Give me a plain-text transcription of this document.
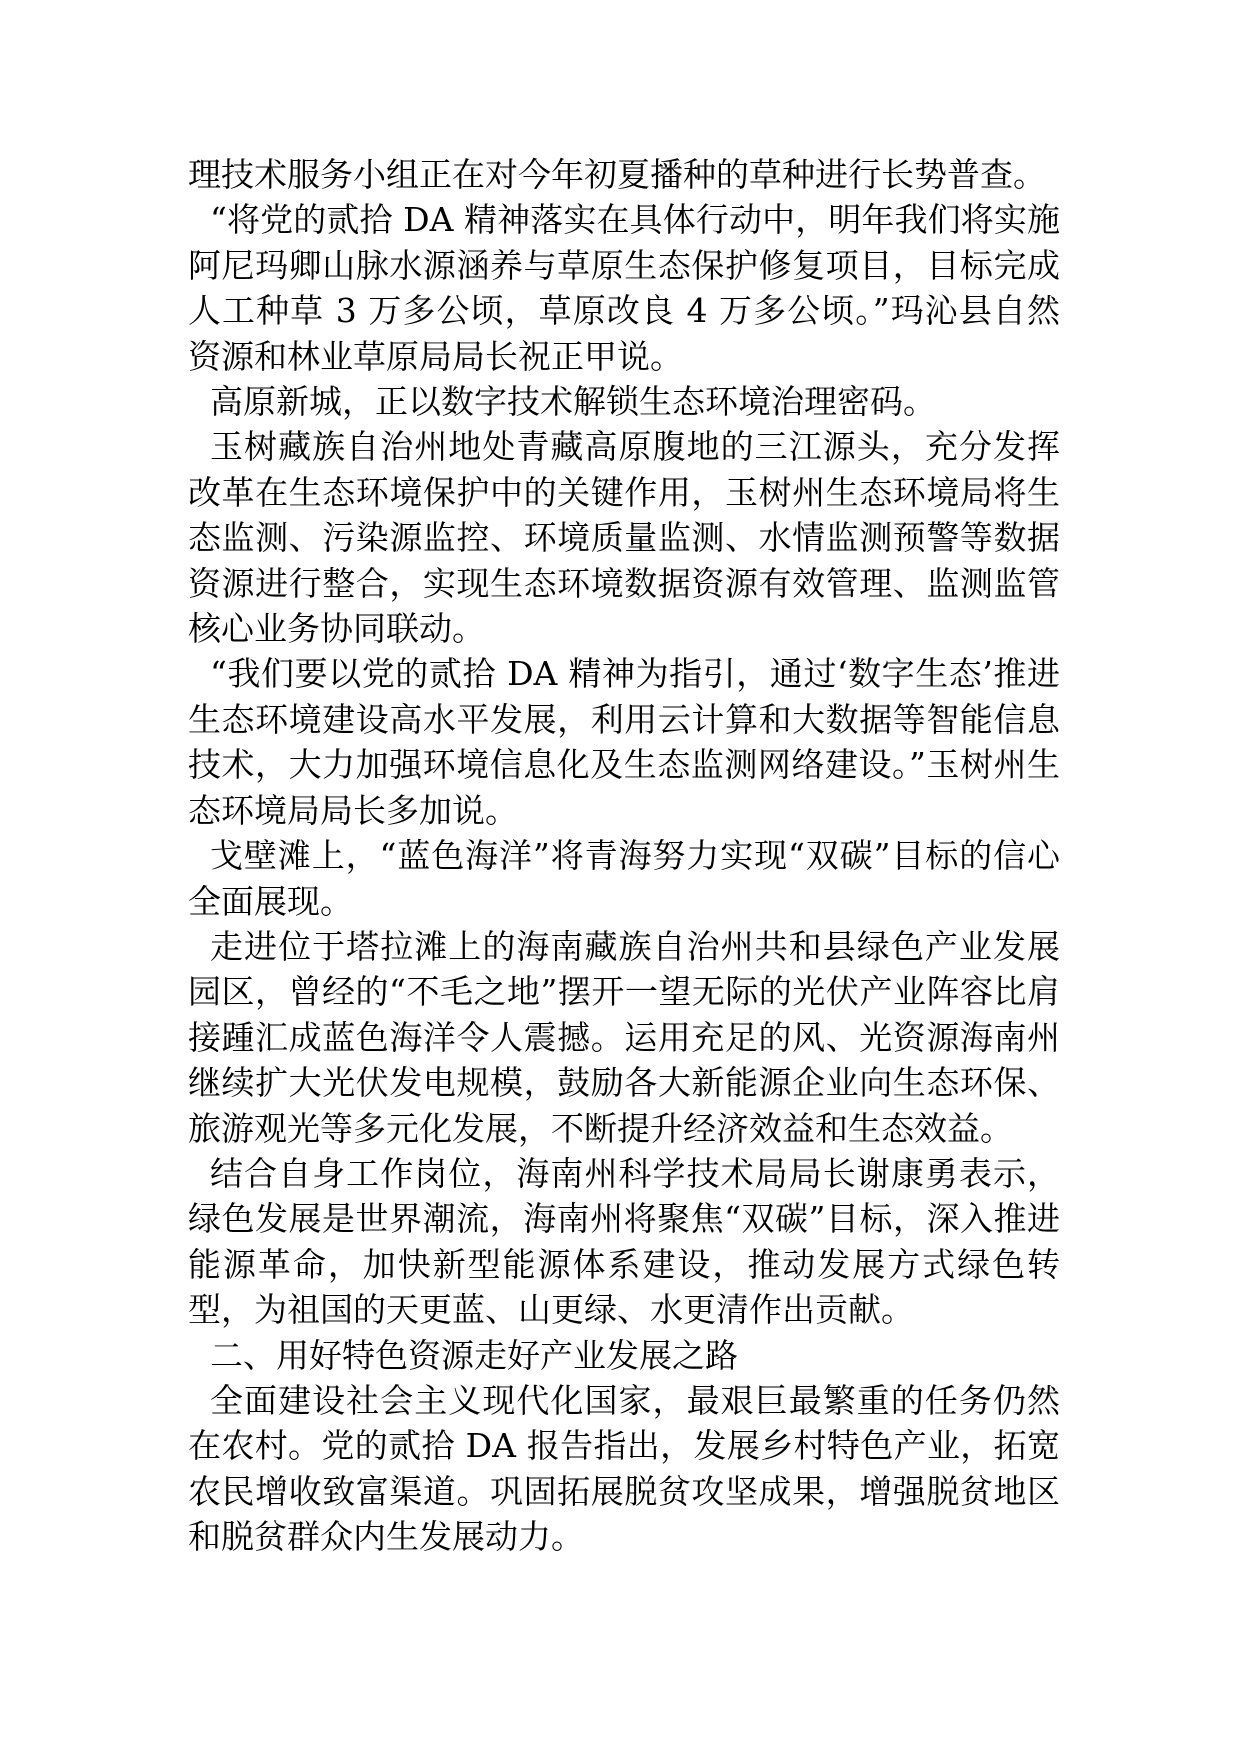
理技术服务小组正在对今年初夏播种的草种进行长势普查。

“将党的贰拾 DA 精神落实在具体行动中，明年我们将实施阿尼玛卿山脉水源涵养与草原生态保护修复项目，目标完成人工种草 3 万多公顷，草原改良 4 万多公顷。”玛沁县自然资源和林业草原局局长祝正甲说。

高原新城，正以数字技术解锁生态环境治理密码。

玉树藏族自治州地处青藏高原腹地的三江源头，充分发挥改革在生态环境保护中的关键作用，玉树州生态环境局将生态监测、污染源监控、环境质量监测、水情监测预警等数据资源进行整合，实现生态环境数据资源有效管理、监测监管核心业务协同联动。

“我们要以党的贰拾 DA 精神为指引，通过‘数字生态’推进生态环境建设高水平发展，利用云计算和大数据等智能信息技术，大力加强环境信息化及生态监测网络建设。”玉树州生态环境局局长多加说。

戈壁滩上，“蓝色海洋”将青海努力实现“双碳”目标的信心全面展现。

走进位于塔拉滩上的海南藏族自治州共和县绿色产业发展园区，曾经的“不毛之地”摆开一望无际的光伏产业阵容比肩接踵汇成蓝色海洋令人震撼。运用充足的风、光资源海南州继续扩大光伏发电规模，鼓励各大新能源企业向生态环保、旅游观光等多元化发展，不断提升经济效益和生态效益。

结合自身工作岗位，海南州科学技术局局长谢康勇表示，绿色发展是世界潮流，海南州将聚焦“双碳”目标，深入推进能源革命，加快新型能源体系建设，推动发展方式绿色转型，为祖国的天更蓝、山更绿、水更清作出贡献。

二、用好特色资源走好产业发展之路

全面建设社会主义现代化国家，最艰巨最繁重的任务仍然在农村。党的贰拾 DA 报告指出，发展乡村特色产业，拓宽农民增收致富渠道。巩固拓展脱贫攻坚成果，增强脱贫地区和脱贫群众内生发展动力。
